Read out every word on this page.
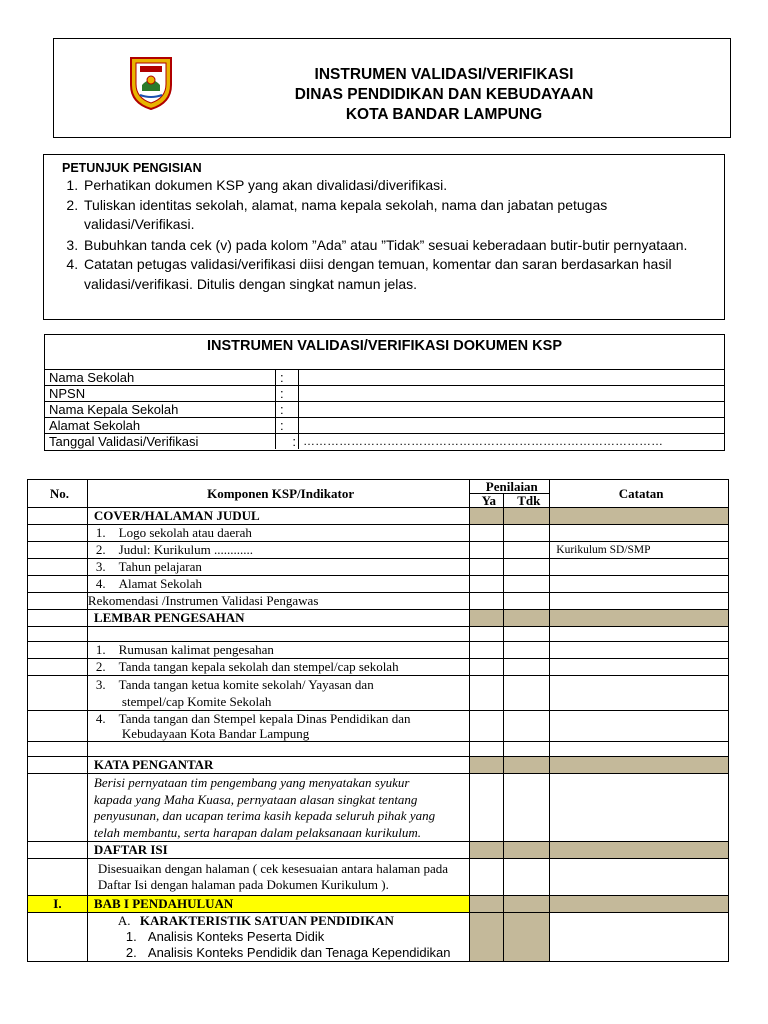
INSTRUMEN VALIDASI/VERIFIKASI
DINAS PENDIDIKAN DAN KEBUDAYAAN
KOTA BANDAR LAMPUNG
PETUNJUK PENGISIAN
1. Perhatikan dokumen KSP yang akan divalidasi/diverifikasi.
2. Tuliskan identitas sekolah, alamat, nama kepala sekolah, nama dan jabatan petugas validasi/Verifikasi.
3. Bubuhkan tanda cek (v) pada kolom ”Ada” atau ”Tidak” sesuai keberadaan butir-butir pernyataan.
4. Catatan petugas validasi/verifikasi diisi dengan temuan, komentar dan saran berdasarkan hasil validasi/verifikasi. Ditulis dengan singkat namun jelas.
INSTRUMEN VALIDASI/VERIFIKASI DOKUMEN KSP
Nama Sekolah	:	
NPSN	:	
Nama Kepala Sekolah	:	
Alamat Sekolah	:	
Tanggal Validasi/Verifikasi	:	………………………………………………………………………………
No.	Komponen KSP/Indikator	Penilaian		Catatan
		Ya	Tdk	
	COVER/HALAMAN JUDUL			
	1.    Logo sekolah atau daerah			
	2.    Judul: Kurikulum ............			Kurikulum SD/SMP
	3.    Tahun pelajaran			
	4.    Alamat Sekolah			
	Rekomendasi /Instrumen Validasi Pengawas			
	LEMBAR PENGESAHAN			

	1.    Rumusan kalimat pengesahan			
	2.    Tanda tangan kepala sekolah dan stempel/cap sekolah			

	3.    Tanda tangan ketua komite sekolah/ Yayasan dan
stempel/cap Komite Sekolah			

	4.    Tanda tangan dan Stempel kepala Dinas Pendidikan dan
Kebudayaan Kota Bandar Lampung			

	KATA PENGANTAR			
	Berisi pernyataan tim pengembang yang menyatakan syukur kapada yang Maha Kuasa, pernyataan alasan singkat tentang penyusunan, dan ucapan terima kasih kepada seluruh pihak yang telah membantu, serta harapan dalam pelaksanaan kurikulum.			
	DAFTAR ISI			
	Disesuaikan dengan halaman ( cek kesesuaian antara halaman pada Daftar Isi dengan halaman pada Dokumen Kurikulum ).			
I.	BAB I PENDAHULUAN			

	A. KARAKTERISTIK SATUAN PENDIDIKAN
1. Analisis Konteks Peserta Didik
2. Analisis Konteks Pendidik dan Tenaga Kependidikan			
